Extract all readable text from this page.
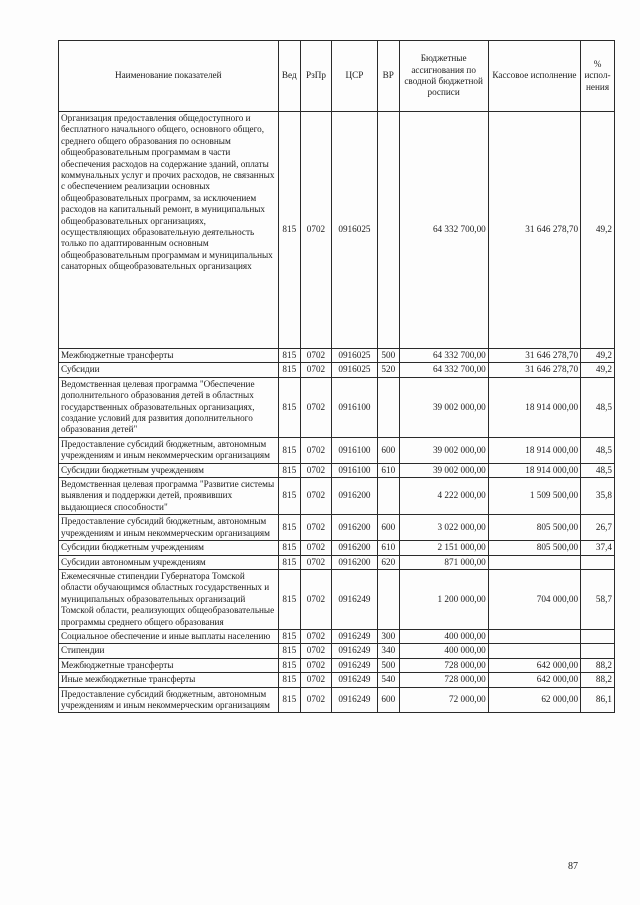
Наименование показателей	Вед	РзПр	ЦСР	ВР	Бюджетные ассигнования по сводной бюджетной росписи	Кассовое исполнение	% испол-нения
Организация предоставления общедоступного и бесплатного начального общего, основного общего, среднего общего образования по основным общеобразовательным программам в части обеспечения расходов на содержание зданий, оплаты коммунальных услуг и прочих расходов, не связанных с обеспечением реализации основных общеобразовательных программ, за исключением расходов на капитальный ремонт, в муниципальных общеобразовательных организациях, осуществляющих образовательную деятельность только по адаптированным основным общеобразовательным программам и муниципальных санаторных общеобразовательных организациях	815	0702	0916025		64 332 700,00	31 646 278,70	49,2
Межбюджетные трансферты	815	0702	0916025	500	64 332 700,00	31 646 278,70	49,2
Субсидии	815	0702	0916025	520	64 332 700,00	31 646 278,70	49,2
Ведомственная целевая программа "Обеспечение дополнительного образования детей в областных государственных образовательных организациях, создание условий для развития дополнительного образования детей"	815	0702	0916100		39 002 000,00	18 914 000,00	48,5
Предоставление субсидий бюджетным, автономным учреждениям и иным некоммерческим организациям	815	0702	0916100	600	39 002 000,00	18 914 000,00	48,5
Субсидии бюджетным учреждениям	815	0702	0916100	610	39 002 000,00	18 914 000,00	48,5
Ведомственная целевая программа "Развитие системы выявления и поддержки детей, проявивших выдающиеся способности"	815	0702	0916200		4 222 000,00	1 509 500,00	35,8
Предоставление субсидий бюджетным, автономным учреждениям и иным некоммерческим организациям	815	0702	0916200	600	3 022 000,00	805 500,00	26,7
Субсидии бюджетным учреждениям	815	0702	0916200	610	2 151 000,00	805 500,00	37,4
Субсидии автономным учреждениям	815	0702	0916200	620	871 000,00		
Ежемесячные стипендии Губернатора Томской области обучающимся областных государственных и муниципальных образовательных организаций Томской области, реализующих общеобразовательные программы среднего общего образования	815	0702	0916249		1 200 000,00	704 000,00	58,7
Социальное обеспечение и иные выплаты населению	815	0702	0916249	300	400 000,00		
Стипендии	815	0702	0916249	340	400 000,00		
Межбюджетные трансферты	815	0702	0916249	500	728 000,00	642 000,00	88,2
Иные межбюджетные трансферты	815	0702	0916249	540	728 000,00	642 000,00	88,2
Предоставление субсидий бюджетным, автономным учреждениям и иным некоммерческим организациям	815	0702	0916249	600	72 000,00	62 000,00	86,1
87
